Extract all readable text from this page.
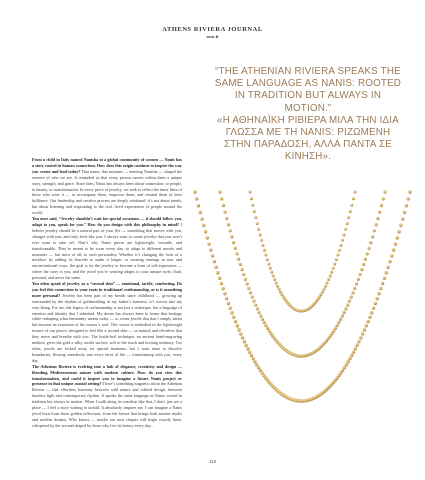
ATHENS RIVIERA JOURNAL
own it
“THE ATHENIAN RIVIERA SPEAKS THE SAME LANGUAGE AS NANIS: ROOTED IN TRADITION BUT ALWAYS IN MOTION.”
«Η ΑΘΗΝΑΪΚΗ ΡΙΒΙΕΡΑ ΜΙΛΑ ΤΗΝ ΙΔΙΑ ΓΛΩΣΣΑ ΜΕ ΤΗ NANIS: ΡΙΖΩΜΕΝΗ ΣΤΗΝ ΠΑΡΑΔΟΣΗ, ΑΛΛΑ ΠΑΝΤΑ ΣΕ ΚΙΝΗΣΗ».

From a child in Italy named Nanisha to a global community of women — Nanis has a story rooted in human connection. How does this origin continue to inspire the way you create and lead today? That name, that moment — meeting Nanisha — shaped the essence of who we are. It reminded us that every person carries within them a unique story, strength, and grace. Since then, Nanis has always been about connection: to people, to beauty, to transformation. In every piece of jewelry, we seek to reflect the inner lines of those who wear it — to accompany them, empower them, and remind them of their brilliance. Our leadership and creative process are deeply relational: it’s not about trends, but about listening and responding to the real, lived experiences of people around the world.

You once said, “Jewelry shouldn’t wait for special occasions — it should follow you, adapt to you, speak for you.” How do you design with this philosophy in mind? I believe jewelry should be a natural part of your life — something that moves with you, changes with you, and truly feels like you. I always want to create jewelry that you won’t ever want to take off. That’s why Nanis pieces are lightweight, versatile, and transformable. They’re meant to be worn every day, to adapt to different moods and moments — but most of all, to each personality. Whether it’s changing the look of a necklace by adding its bracelet to make it longer, or wearing earrings in new and unconventional ways, the goal is for the jewelry to become a form of self-expression — where the story is you, and the jewel you’re wearing adapts to your unique style, fluid, personal, and never the same.

You often speak of jewelry as a “second skin” — emotional, tactile, comforting. Do you feel this connection to your roots in traditional craftsmanship, or is it something more personal? Jewelry has been part of my breath since childhood — growing up surrounded by the rhythm of goldsmithing in my father’s business, it’s woven into my very being. For me, the legacy of craftsmanship is not just a technique, but a language of emotion and identity that I inherited. My desire has always been to honor that heritage while reshaping what femininity means today — to create jewels that don’t simply adorn but become an extension of the wearer’s soul. This vision is embodied in the lightweight texture of our pieces, designed to feel like a second skin — so natural and effortless that they move and breathe with you. The boule-boil technique, an ancient hand-engraving method, gives the gold a silky, tactile surface, soft to the touch and inviting intimacy. Too often, jewels are locked away for special moments, but I want mine to dissolve boundaries, flowing seamlessly into every facet of life — transforming with you, every day.

The Athenian Riviera is evolving into a hub of elegance, creativity and design — blending Mediterranean nature with modern culture. How do you view this transformation, and could it inspire you to imagine a future Nanis project or presence in that unique coastal setting? There’s something magnetic about the Athenian Riviera — that effortless harmony between wild nature and refined design, between timeless light and contemporary rhythm. It speaks the same language as Nanis: rooted in tradition but always in motion. When I walk along its coastline like that, I don’t just see a place — I feel a story waiting to unfold. It absolutely inspires me. I can imagine a Nanis jewel born from those golden reflections, from the breeze that brings both ancient myths and modern dreams. Who knows — maybe our next chapter will begin exactly there, whispered by the sea and shaped by those who live its beauty every day...

110
